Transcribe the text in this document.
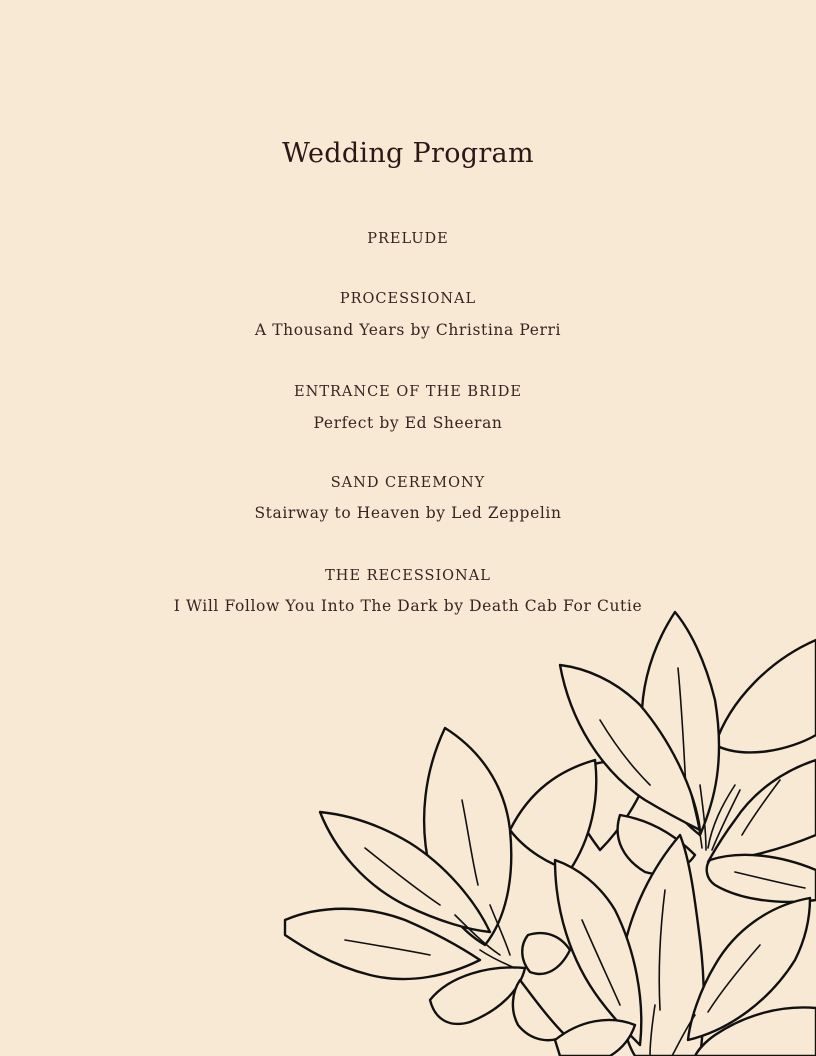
Wedding Program
PRELUDE
PROCESSIONAL
A Thousand Years by Christina Perri
ENTRANCE OF THE BRIDE
Perfect by Ed Sheeran
SAND CEREMONY
Stairway to Heaven by Led Zeppelin
THE RECESSIONAL
I Will Follow You Into The Dark by Death Cab For Cutie
